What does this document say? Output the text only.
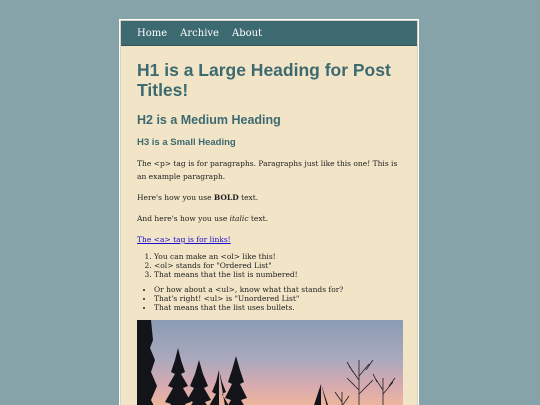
Home Archive About
H1 is a Large Heading for Post Titles!
H2 is a Medium Heading
H3 is a Small Heading

The <p> tag is for paragraphs. Paragraphs just like this one! This is an example paragraph.

Here's how you use BOLD text.

And here's how you use italic text.

The <a> tag is for links!

1. You can make an <ol> like this!
2. <ol> stands for "Ordered List"
3. That means that the list is numbered!
• Or how about a <ul>, know what that stands for?
• That's right! <ul> is "Unordered List"
• That means that the list uses bullets.
